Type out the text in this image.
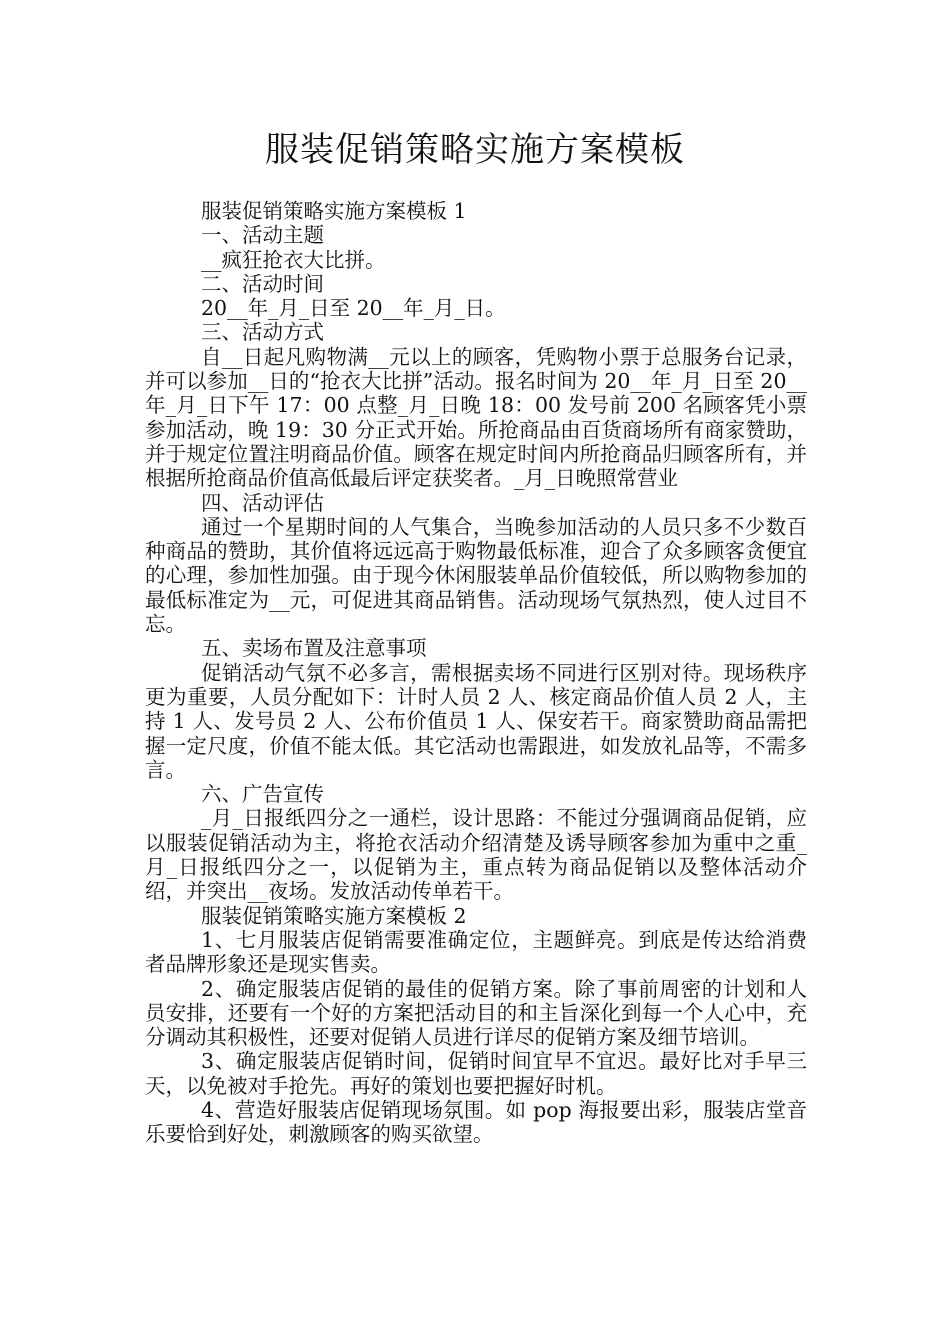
服装促销策略实施方案模板

服装促销策略实施方案模板 1

一、活动主题

__疯狂抢衣大比拼。

二、活动时间

20__年_月_日至 20__年_月_日。

三、活动方式

自__日起凡购物满__元以上的顾客，凭购物小票于总服务台记录，并可以参加__日的“抢衣大比拼”活动。报名时间为 20__年_月_日至 20__年_月_日下午 17：00 点整_月_日晚 18：00 发号前 200 名顾客凭小票参加活动，晚 19：30 分正式开始。所抢商品由百货商场所有商家赞助，并于规定位置注明商品价值。顾客在规定时间内所抢商品归顾客所有，并根据所抢商品价值高低最后评定获奖者。_月_日晚照常营业

四、活动评估

通过一个星期时间的人气集合，当晚参加活动的人员只多不少数百种商品的赞助，其价值将远远高于购物最低标准，迎合了众多顾客贪便宜的心理，参加性加强。由于现今休闲服装单品价值较低，所以购物参加的最低标准定为__元，可促进其商品销售。活动现场气氛热烈，使人过目不忘。

五、卖场布置及注意事项

促销活动气氛不必多言，需根据卖场不同进行区别对待。现场秩序更为重要，人员分配如下：计时人员 2 人、核定商品价值人员 2 人，主持 1 人、发号员 2 人、公布价值员 1 人、保安若干。商家赞助商品需把握一定尺度，价值不能太低。其它活动也需跟进，如发放礼品等，不需多言。

六、广告宣传

_月_日报纸四分之一通栏，设计思路：不能过分强调商品促销，应以服装促销活动为主，将抢衣活动介绍清楚及诱导顾客参加为重中之重_月_日报纸四分之一，以促销为主，重点转为商品促销以及整体活动介绍，并突出__夜场。发放活动传单若干。

服装促销策略实施方案模板 2

1、七月服装店促销需要准确定位，主题鲜亮。到底是传达给消费者品牌形象还是现实售卖。

2、确定服装店促销的最佳的促销方案。除了事前周密的计划和人员安排，还要有一个好的方案把活动目的和主旨深化到每一个人心中，充分调动其积极性，还要对促销人员进行详尽的促销方案及细节培训。

3、确定服装店促销时间，促销时间宜早不宜迟。最好比对手早三天，以免被对手抢先。再好的策划也要把握好时机。

4、营造好服装店促销现场氛围。如 pop 海报要出彩，服装店堂音乐要恰到好处，刺激顾客的购买欲望。
